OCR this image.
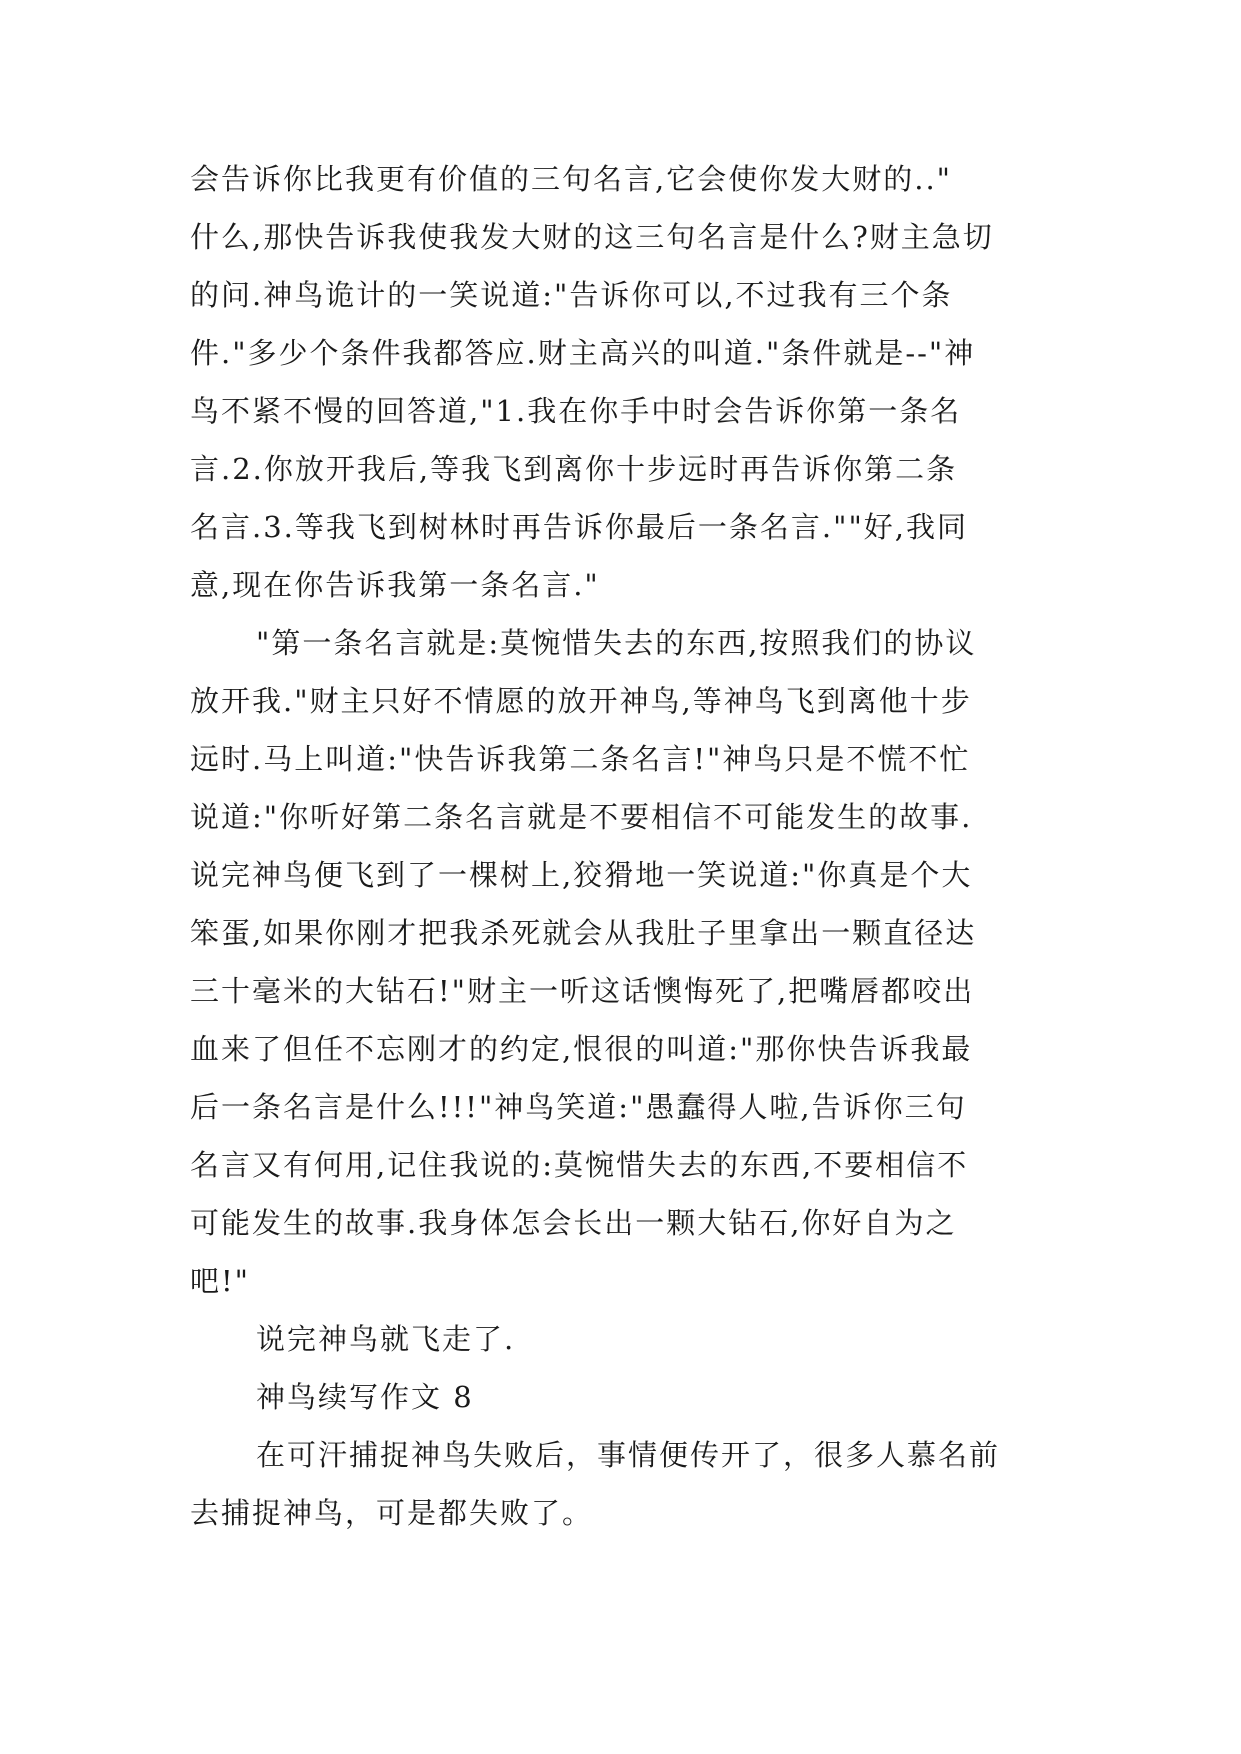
会告诉你比我更有价值的三句名言,它会使你发大财的.."
什么,那快告诉我使我发大财的这三句名言是什么?财主急切
的问.神鸟诡计的一笑说道:"告诉你可以,不过我有三个条
件."多少个条件我都答应.财主高兴的叫道."条件就是--"神
鸟不紧不慢的回答道,"1.我在你手中时会告诉你第一条名
言.2.你放开我后,等我飞到离你十步远时再告诉你第二条
名言.3.等我飞到树林时再告诉你最后一条名言.""好,我同
意,现在你告诉我第一条名言."
"第一条名言就是:莫惋惜失去的东西,按照我们的协议
放开我."财主只好不情愿的放开神鸟,等神鸟飞到离他十步
远时.马上叫道:"快告诉我第二条名言!"神鸟只是不慌不忙
说道:"你听好第二条名言就是不要相信不可能发生的故事.
说完神鸟便飞到了一棵树上,狡猾地一笑说道:"你真是个大
笨蛋,如果你刚才把我杀死就会从我肚子里拿出一颗直径达
三十毫米的大钻石!"财主一听这话懊悔死了,把嘴唇都咬出
血来了但任不忘刚才的约定,恨很的叫道:"那你快告诉我最
后一条名言是什么!!!"神鸟笑道:"愚蠢得人啦,告诉你三句
名言又有何用,记住我说的:莫惋惜失去的东西,不要相信不
可能发生的故事.我身体怎会长出一颗大钻石,你好自为之
吧!"
说完神鸟就飞走了.
神鸟续写作文 8
在可汗捕捉神鸟失败后，事情便传开了，很多人慕名前
去捕捉神鸟，可是都失败了。
